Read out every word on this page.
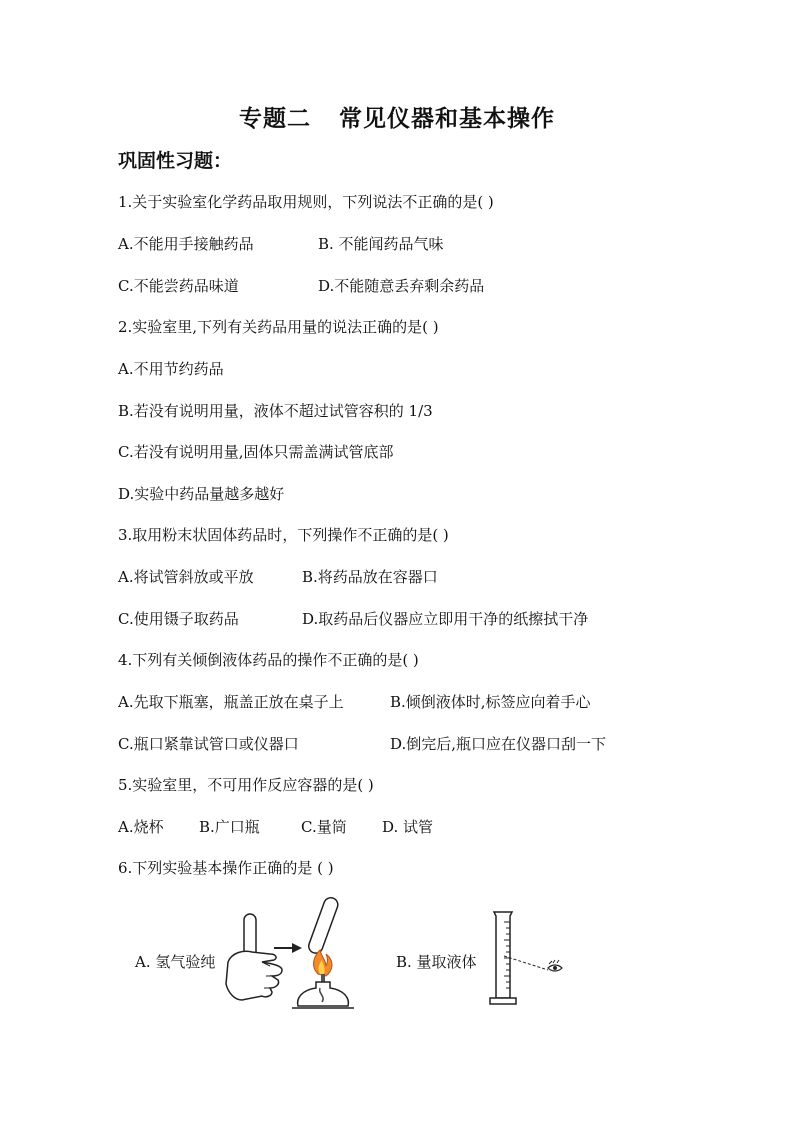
专题二 常见仪器和基本操作
巩固性习题：
1.关于实验室化学药品取用规则，下列说法不正确的是( )
A.不能用手接触药品	B. 不能闻药品气味
C.不能尝药品味道	D.不能随意丢弃剩余药品
2.实验室里,下列有关药品用量的说法正确的是( )
A.不用节约药品
B.若没有说明用量，液体不超过试管容积的 1/3
C.若没有说明用量,固体只需盖满试管底部
D.实验中药品量越多越好
3.取用粉末状固体药品时，下列操作不正确的是( )
A.将试管斜放或平放	B.将药品放在容器口
C.使用镊子取药品	D.取药品后仪器应立即用干净的纸擦拭干净
4.下列有关倾倒液体药品的操作不正确的是( )
A.先取下瓶塞，瓶盖正放在桌子上	B.倾倒液体时,标签应向着手心
C.瓶口紧靠试管口或仪器口	D.倒完后,瓶口应在仪器口刮一下
5.实验室里，不可用作反应容器的是( )
A.烧杯 B.广口瓶	C.量筒 D. 试管
6.下列实验基本操作正确的是 ( )
A. 氢气验纯	B. 量取液体
